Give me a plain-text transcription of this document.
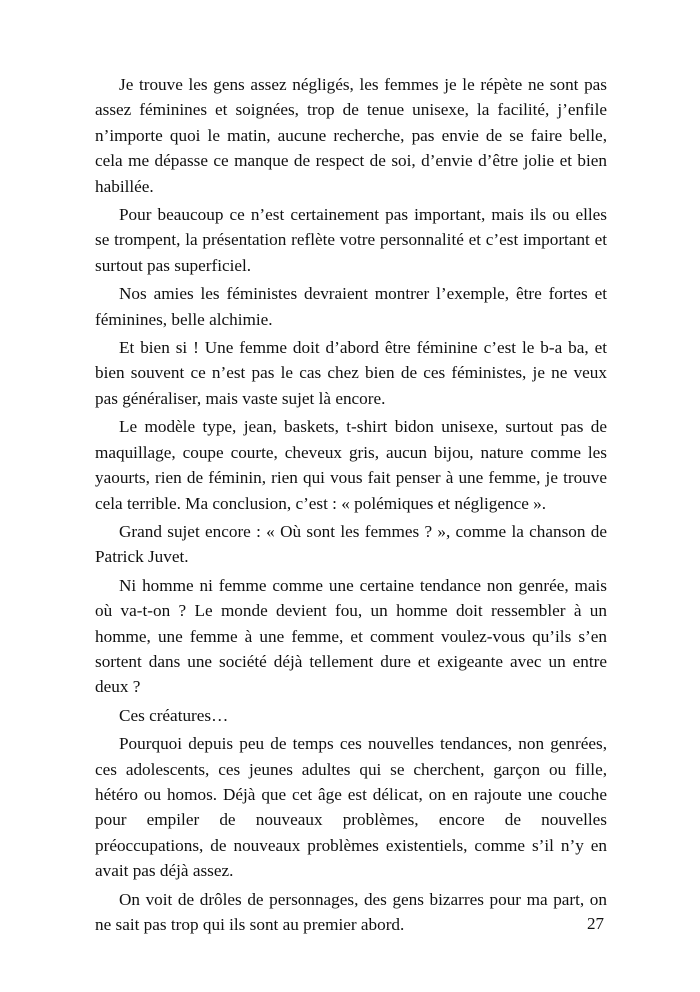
Je trouve les gens assez négligés, les femmes je le répète ne sont pas assez féminines et soignées, trop de tenue unisexe, la facilité, j’enfile n’importe quoi le matin, aucune recherche, pas envie de se faire belle, cela me dépasse ce manque de respect de soi, d’envie d’être jolie et bien habillée.

Pour beaucoup ce n’est certainement pas important, mais ils ou elles se trompent, la présentation reflète votre personnalité et c’est important et surtout pas superficiel.

Nos amies les féministes devraient montrer l’exemple, être fortes et féminines, belle alchimie.

Et bien si ! Une femme doit d’abord être féminine c’est le b-a ba, et bien souvent ce n’est pas le cas chez bien de ces féministes, je ne veux pas généraliser, mais vaste sujet là encore.

Le modèle type, jean, baskets, t-shirt bidon unisexe, surtout pas de maquillage, coupe courte, cheveux gris, aucun bijou, nature comme les yaourts, rien de féminin, rien qui vous fait penser à une femme, je trouve cela terrible. Ma conclusion, c’est : « polémiques et négligence ».

Grand sujet encore : « Où sont les femmes ? », comme la chanson de Patrick Juvet.

Ni homme ni femme comme une certaine tendance non genrée, mais où va-t-on ? Le monde devient fou, un homme doit ressembler à un homme, une femme à une femme, et comment voulez-vous qu’ils s’en sortent dans une société déjà tellement dure et exigeante avec un entre deux ?

Ces créatures…

Pourquoi depuis peu de temps ces nouvelles tendances, non genrées, ces adolescents, ces jeunes adultes qui se cherchent, garçon ou fille, hétéro ou homos. Déjà que cet âge est délicat, on en rajoute une couche pour empiler de nouveaux problèmes, encore de nouvelles préoccupations, de nouveaux problèmes existentiels, comme s’il n’y en avait pas déjà assez.

On voit de drôles de personnages, des gens bizarres pour ma part, on ne sait pas trop qui ils sont au premier abord.	27
